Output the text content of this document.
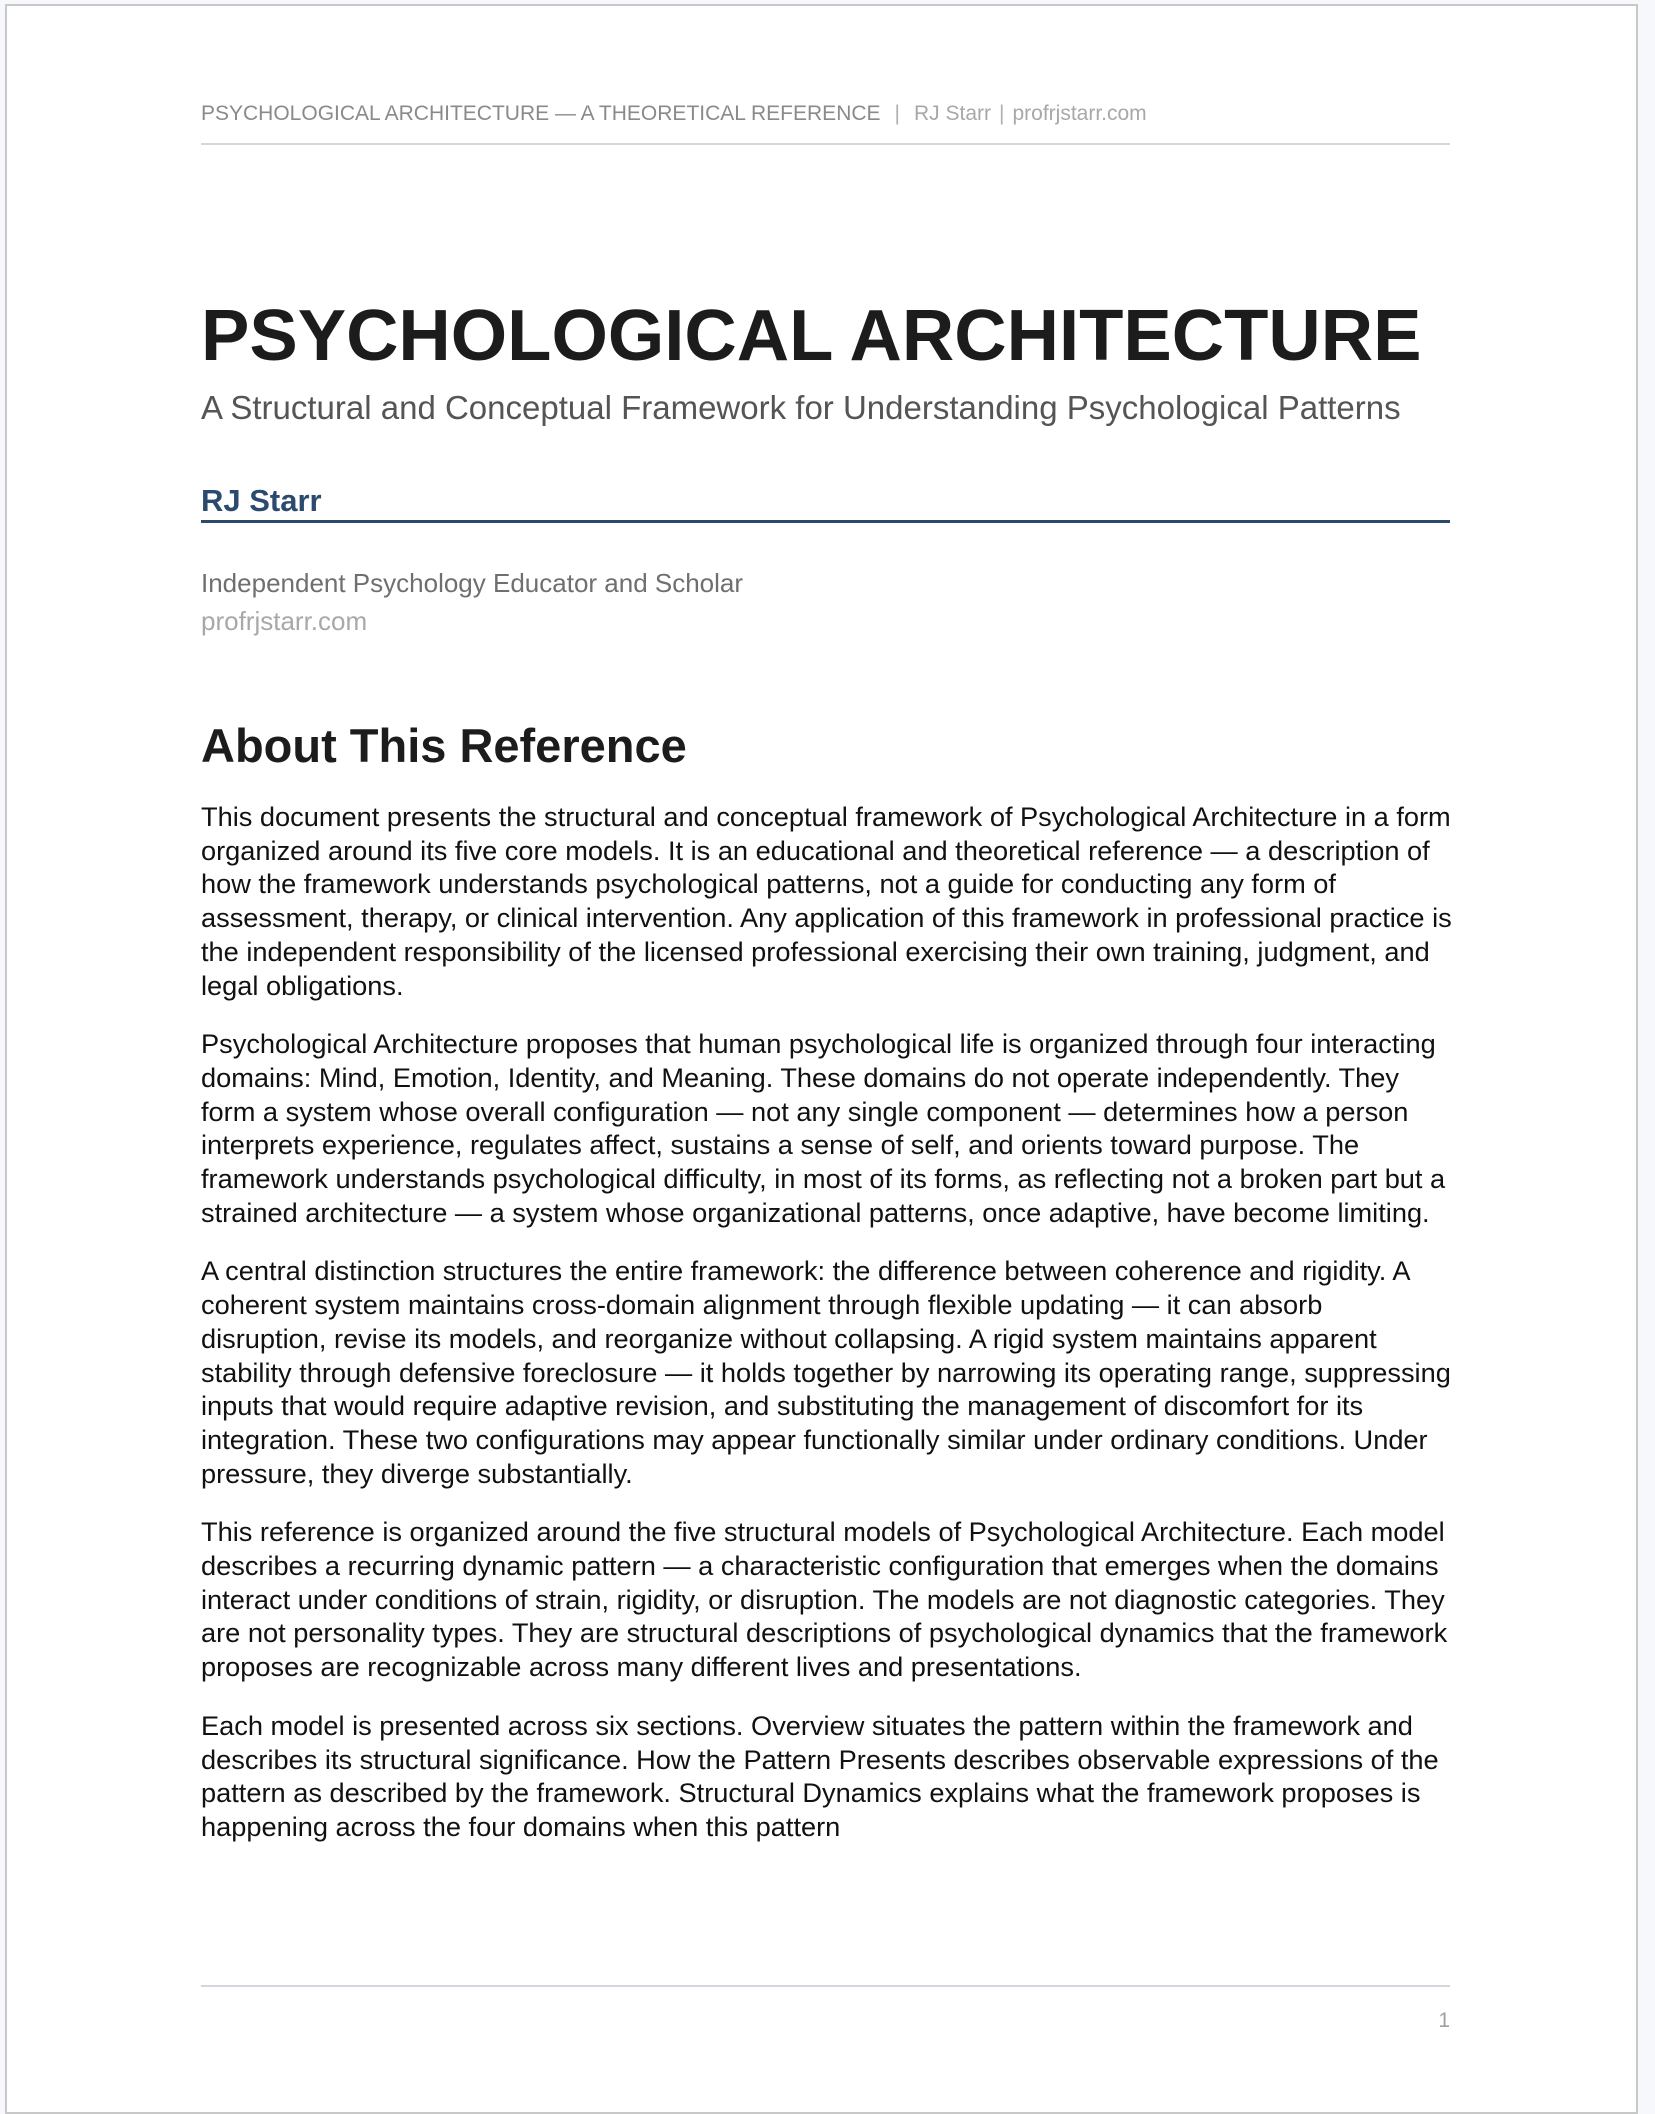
PSYCHOLOGICAL ARCHITECTURE — A THEORETICAL REFERENCE | RJ Starr | profrjstarr.com
PSYCHOLOGICAL ARCHITECTURE
A Structural and Conceptual Framework for Understanding Psychological Patterns
RJ Starr
Independent Psychology Educator and Scholar
profrjstarr.com
About This Reference

This document presents the structural and conceptual framework of Psychological Architecture in a form organized around its five core models. It is an educational and theoretical reference — a description of how the framework understands psychological patterns, not a guide for conducting any form of assessment, therapy, or clinical intervention. Any application of this framework in professional practice is the independent responsibility of the licensed professional exercising their own training, judgment, and legal obligations.

Psychological Architecture proposes that human psychological life is organized through four interacting domains: Mind, Emotion, Identity, and Meaning. These domains do not operate independently. They form a system whose overall configuration — not any single component — determines how a person interprets experience, regulates affect, sustains a sense of self, and orients toward purpose. The framework understands psychological difficulty, in most of its forms, as reflecting not a broken part but a strained architecture — a system whose organizational patterns, once adaptive, have become limiting.

A central distinction structures the entire framework: the difference between coherence and rigidity. A coherent system maintains cross-domain alignment through flexible updating — it can absorb disruption, revise its models, and reorganize without collapsing. A rigid system maintains apparent stability through defensive foreclosure — it holds together by narrowing its operating range, suppressing inputs that would require adaptive revision, and substituting the management of discomfort for its integration. These two configurations may appear functionally similar under ordinary conditions. Under pressure, they diverge substantially.

This reference is organized around the five structural models of Psychological Architecture. Each model describes a recurring dynamic pattern — a characteristic configuration that emerges when the domains interact under conditions of strain, rigidity, or disruption. The models are not diagnostic categories. They are not personality types. They are structural descriptions of psychological dynamics that the framework proposes are recognizable across many different lives and presentations.

Each model is presented across six sections. Overview situates the pattern within the framework and describes its structural significance. How the Pattern Presents describes observable expressions of the pattern as described by the framework. Structural Dynamics explains what the framework proposes is happening across the four domains when this pattern

1
